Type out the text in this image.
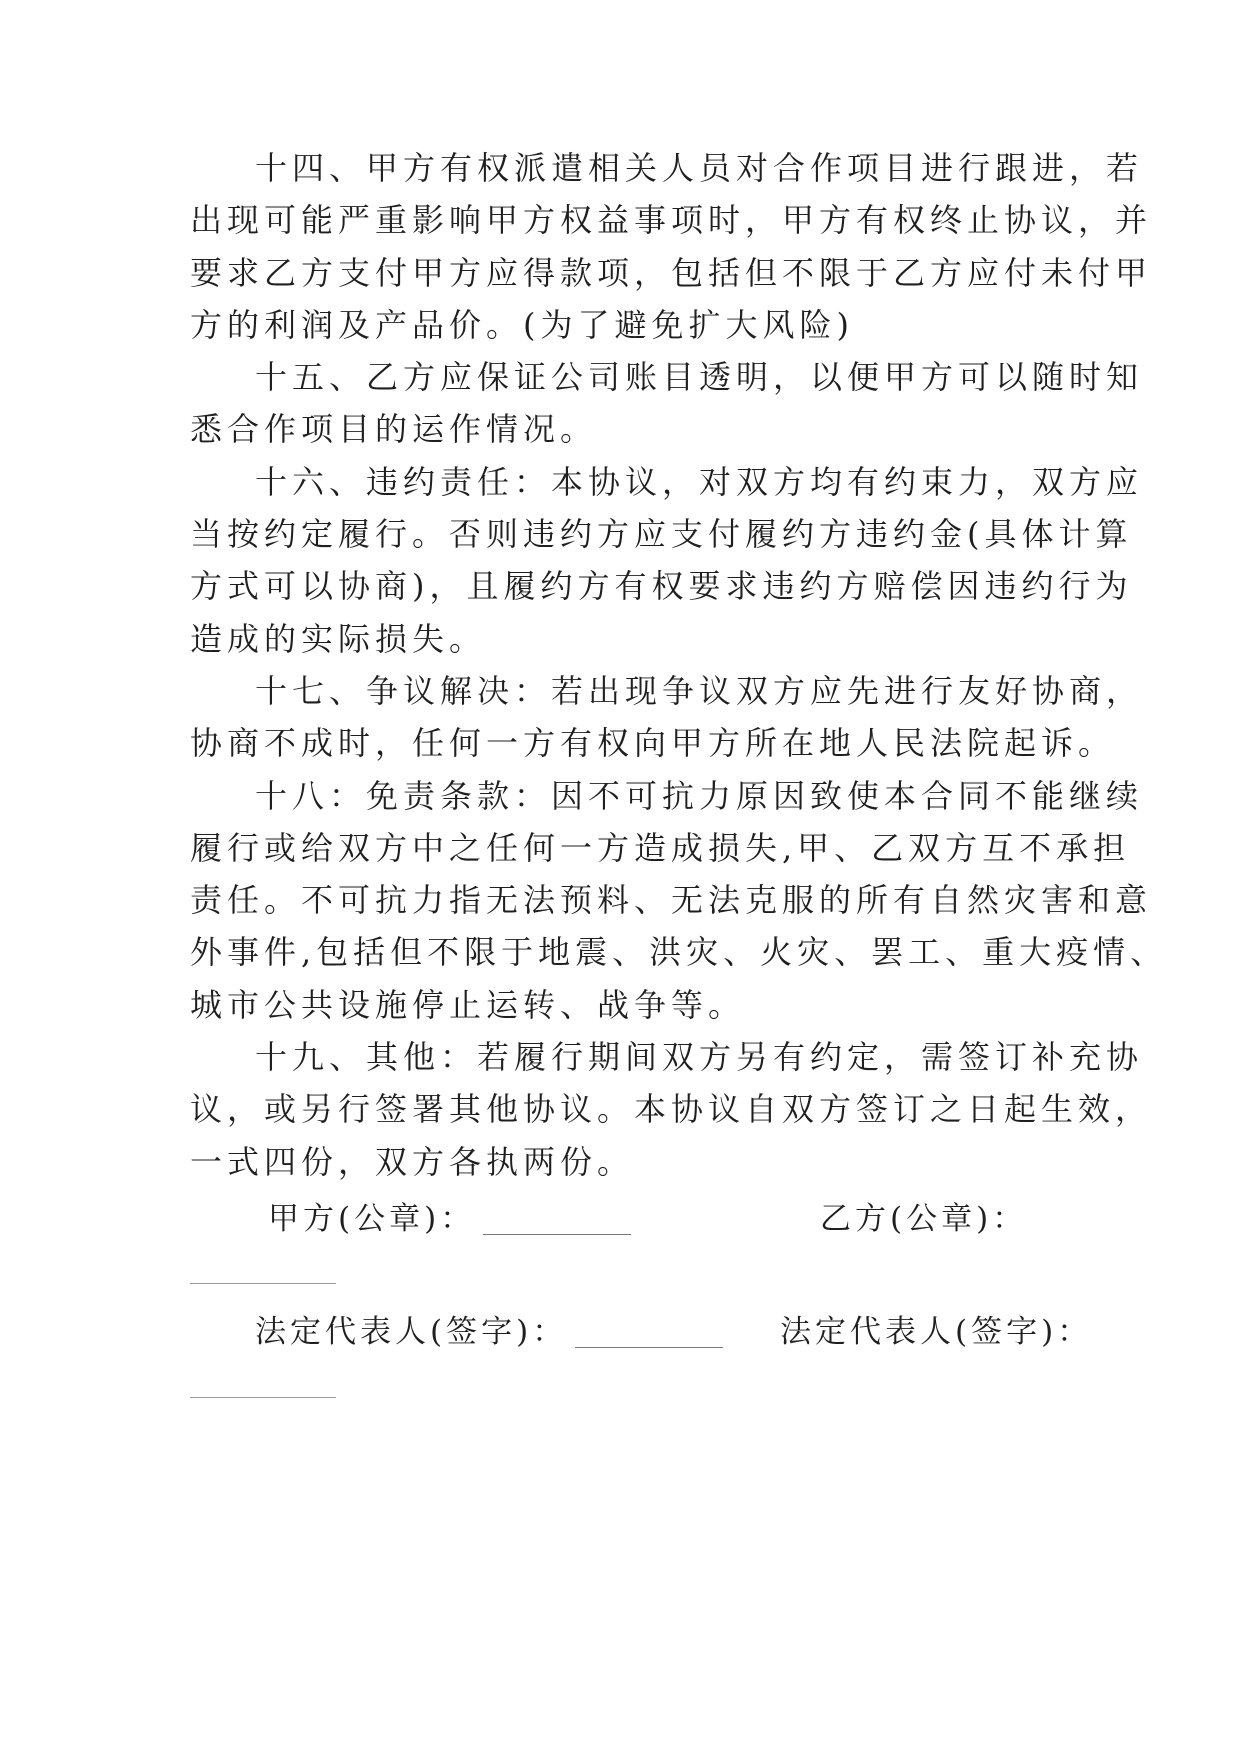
十四、甲方有权派遣相关人员对合作项目进行跟进，若
出现可能严重影响甲方权益事项时，甲方有权终止协议，并
要求乙方支付甲方应得款项，包括但不限于乙方应付未付甲
方的利润及产品价。(为了避免扩大风险)
十五、乙方应保证公司账目透明，以便甲方可以随时知
悉合作项目的运作情况。
十六、违约责任：本协议，对双方均有约束力，双方应
当按约定履行。否则违约方应支付履约方违约金(具体计算
方式可以协商)，且履约方有权要求违约方赔偿因违约行为
造成的实际损失。
十七、争议解决：若出现争议双方应先进行友好协商，
协商不成时，任何一方有权向甲方所在地人民法院起诉。
十八：免责条款：因不可抗力原因致使本合同不能继续
履行或给双方中之任何一方造成损失,甲、乙双方互不承担
责任。不可抗力指无法预料、无法克服的所有自然灾害和意
外事件,包括但不限于地震、洪灾、火灾、罢工、重大疫情、
城市公共设施停止运转、战争等。
十九、其他：若履行期间双方另有约定，需签订补充协
议，或另行签署其他协议。本协议自双方签订之日起生效，
一式四份，双方各执两份。
甲方(公章)：	乙方(公章)：
法定代表人(签字)：	法定代表人(签字)：
